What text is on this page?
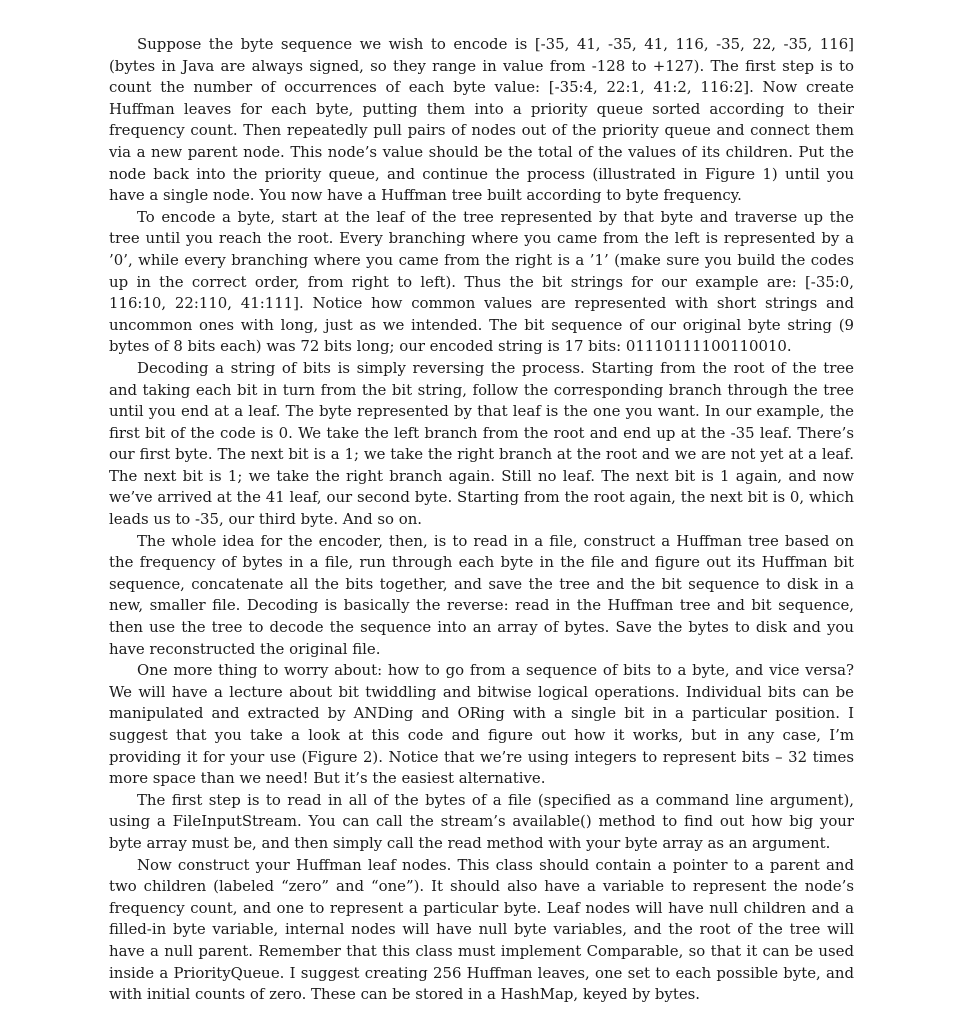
Suppose the byte sequence we wish to encode is [-35, 41, -35, 41, 116, -35, 22, -35, 116] (bytes in Java are always signed, so they range in value from -128 to +127). The first step is to count the number of occurrences of each byte value: [-35:4, 22:1, 41:2, 116:2]. Now create Huffman leaves for each byte, putting them into a priority queue sorted according to their frequency count. Then repeatedly pull pairs of nodes out of the priority queue and connect them via a new parent node. This node’s value should be the total of the values of its children. Put the node back into the priority queue, and continue the process (illustrated in Figure 1) until you have a single node. You now have a Huffman tree built according to byte frequency.

To encode a byte, start at the leaf of the tree represented by that byte and traverse up the tree until you reach the root. Every branching where you came from the left is represented by a ’0’, while every branching where you came from the right is a ’1’ (make sure you build the codes up in the correct order, from right to left). Thus the bit strings for our example are: [-35:0, 116:10, 22:110, 41:111]. Notice how common values are represented with short strings and uncommon ones with long, just as we intended. The bit sequence of our original byte string (9 bytes of 8 bits each) was 72 bits long; our encoded string is 17 bits: 01110111100110010.

Decoding a string of bits is simply reversing the process. Starting from the root of the tree and taking each bit in turn from the bit string, follow the corresponding branch through the tree until you end at a leaf. The byte represented by that leaf is the one you want. In our example, the first bit of the code is 0. We take the left branch from the root and end up at the -35 leaf. There’s our first byte. The next bit is a 1; we take the right branch at the root and we are not yet at a leaf. The next bit is 1; we take the right branch again. Still no leaf. The next bit is 1 again, and now we’ve arrived at the 41 leaf, our second byte. Starting from the root again, the next bit is 0, which leads us to -35, our third byte. And so on.

The whole idea for the encoder, then, is to read in a file, construct a Huffman tree based on the frequency of bytes in a file, run through each byte in the file and figure out its Huffman bit sequence, concatenate all the bits together, and save the tree and the bit sequence to disk in a new, smaller file. Decoding is basically the reverse: read in the Huffman tree and bit sequence, then use the tree to decode the sequence into an array of bytes. Save the bytes to disk and you have reconstructed the original file.

One more thing to worry about: how to go from a sequence of bits to a byte, and vice versa? We will have a lecture about bit twiddling and bitwise logical operations. Individual bits can be manipulated and extracted by ANDing and ORing with a single bit in a particular position. I suggest that you take a look at this code and figure out how it works, but in any case, I’m providing it for your use (Figure 2). Notice that we’re using integers to represent bits – 32 times more space than we need! But it’s the easiest alternative.

The first step is to read in all of the bytes of a file (specified as a command line argument), using a FileInputStream. You can call the stream’s available() method to find out how big your byte array must be, and then simply call the read method with your byte array as an argument.

Now construct your Huffman leaf nodes. This class should contain a pointer to a parent and two children (labeled “zero” and “one”). It should also have a variable to represent the node’s frequency count, and one to represent a particular byte. Leaf nodes will have null children and a filled-in byte variable, internal nodes will have null byte variables, and the root of the tree will have a null parent. Remember that this class must implement Comparable, so that it can be used inside a PriorityQueue. I suggest creating 256 Huffman leaves, one set to each possible byte, and with initial counts of zero. These can be stored in a HashMap, keyed by bytes.
